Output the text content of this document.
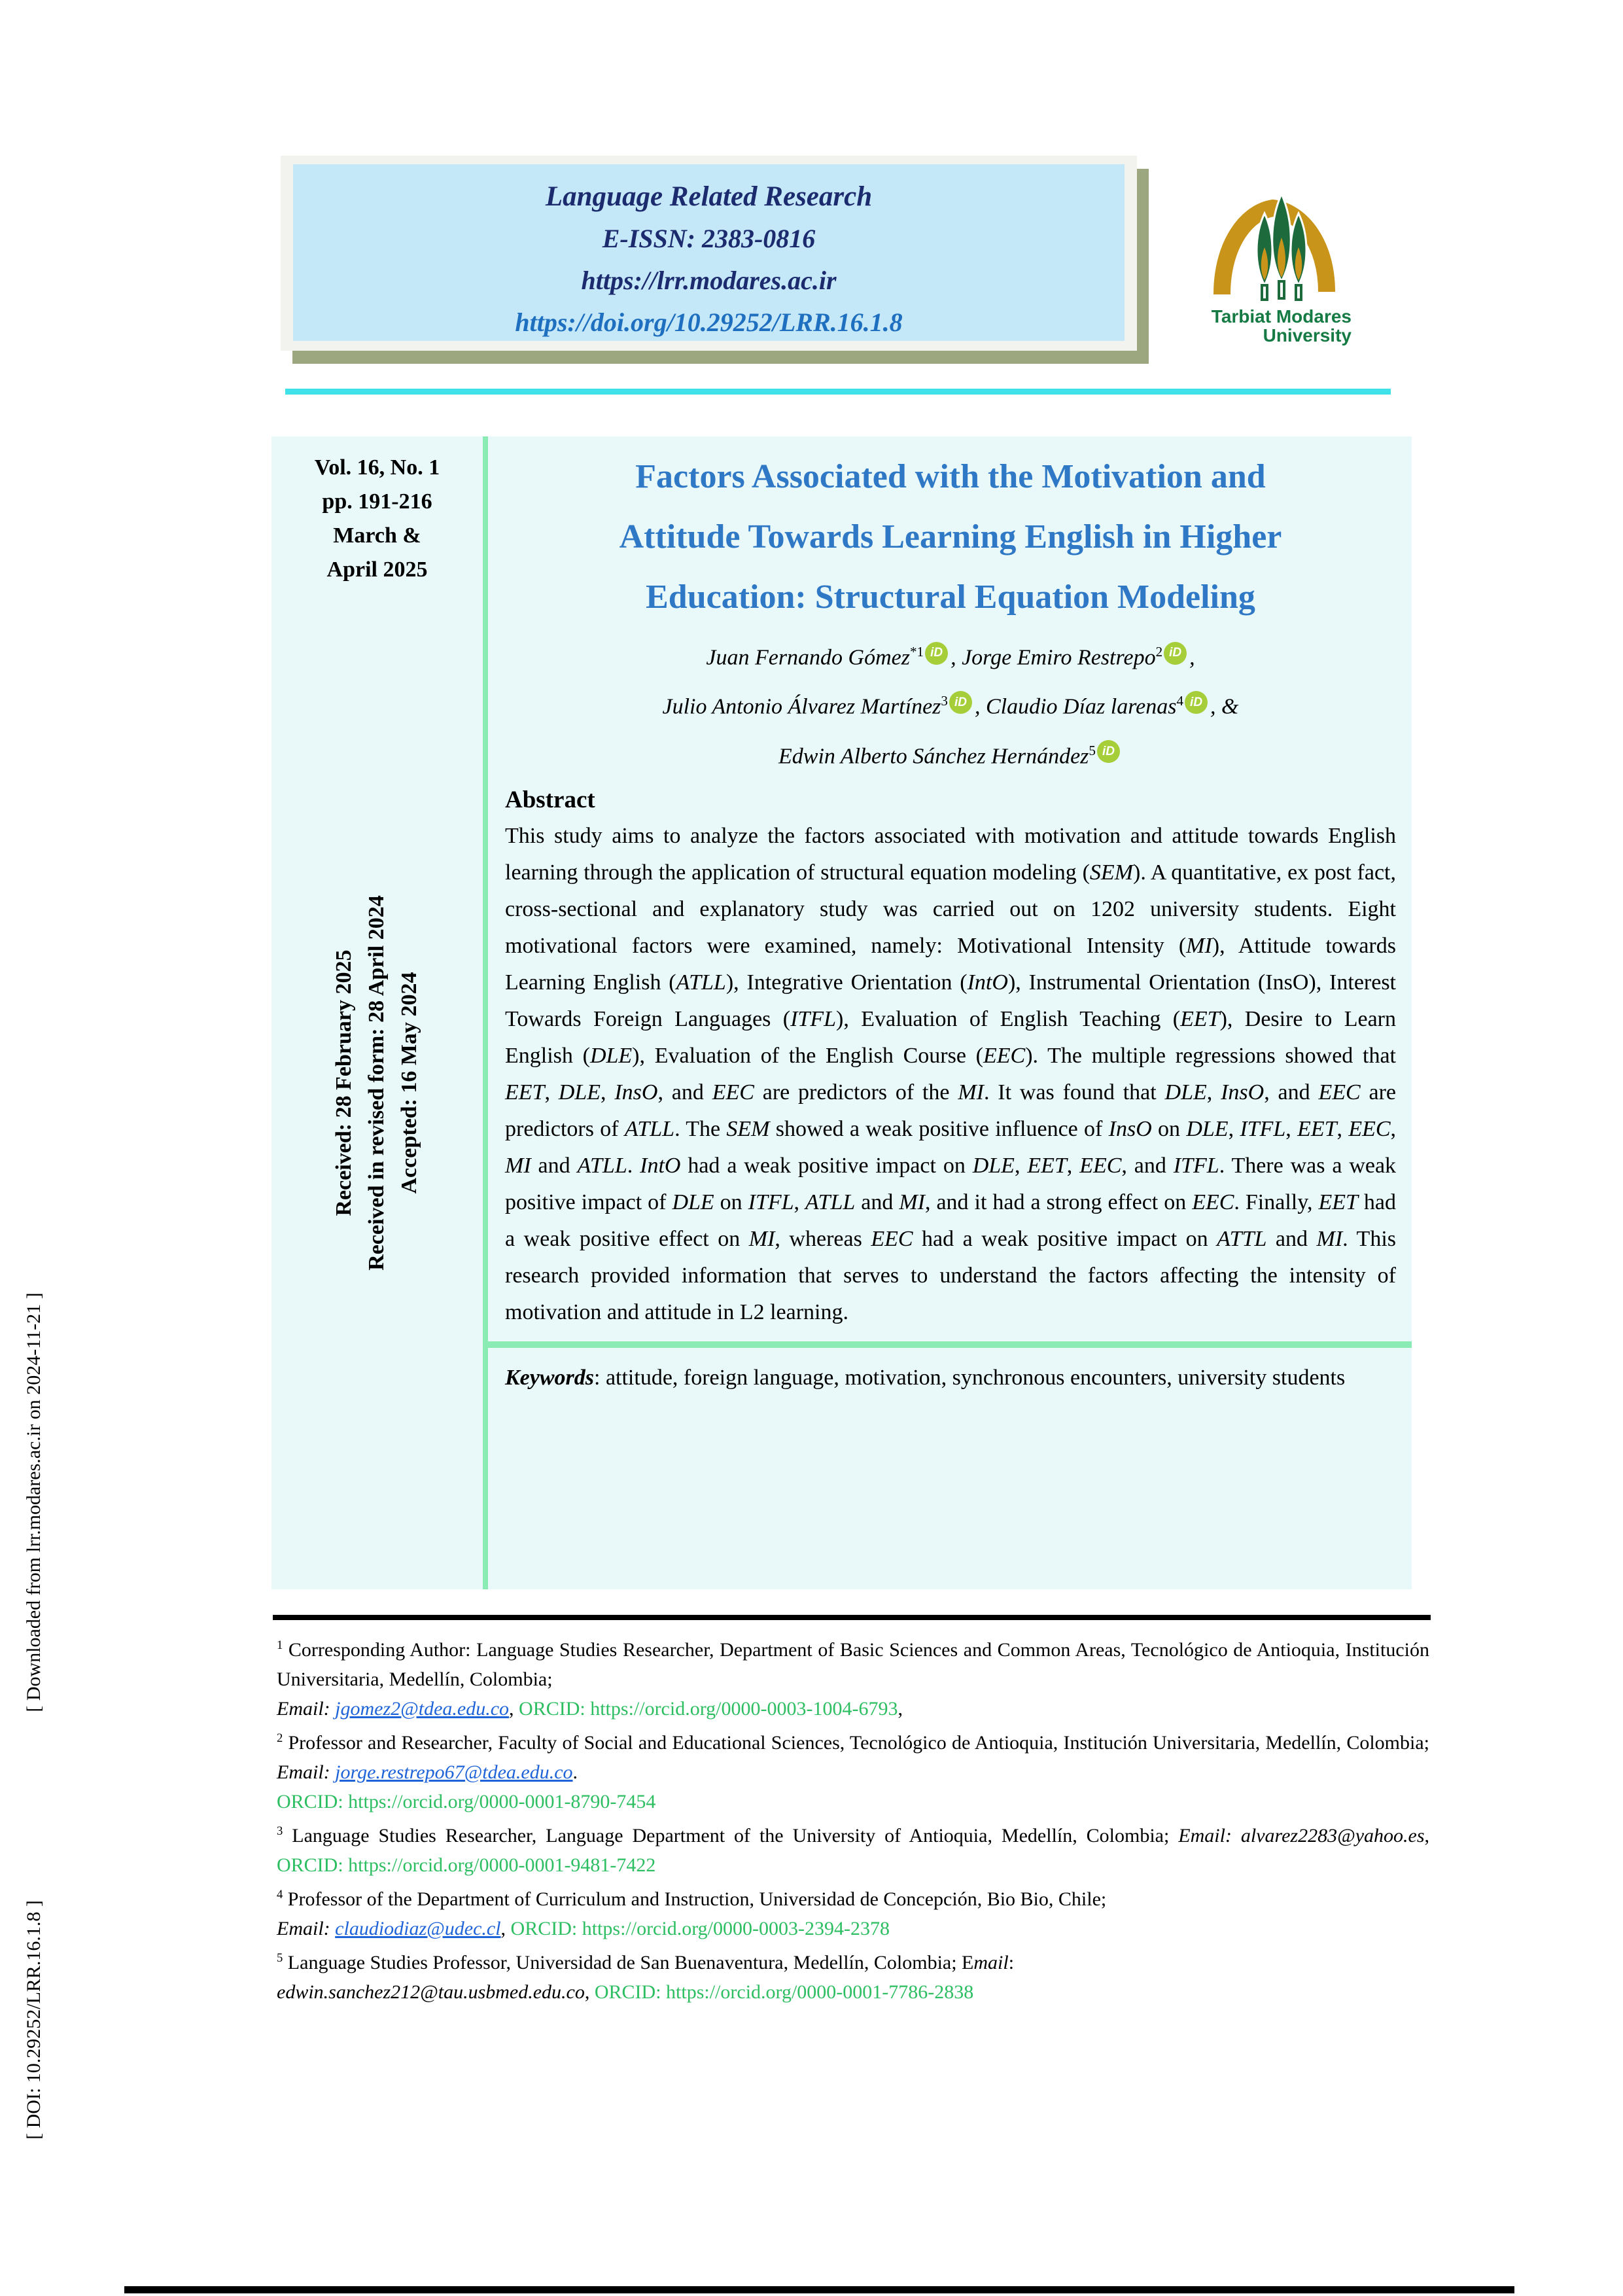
[ Downloaded from lrr.modares.ac.ir on 2024-11-21 ]
[ DOI: 10.29252/LRR.16.1.8 ]
Language Related Research
E-ISSN: 2383-0816
https://lrr.modares.ac.ir
https://doi.org/10.29252/LRR.16.1.8	Tarbiat Modares
University
Vol. 16, No. 1
pp. 191-216
March &
April 2025
Received: 28 February 2025 Received in revised form: 28 April 2024 Accepted: 16 May 2024
Factors Associated with the Motivation and
Attitude Towards Learning English in Higher
Education: Structural Equation Modeling
Juan Fernando Gómez$^{*1}$ iD , Jorge Emiro Restrepo$^2$ iD ,
Julio Antonio Álvarez Martínez$^3$ iD , Claudio Díaz larenas$^4$ iD , &
Edwin Alberto Sánchez Hernández$^5$ iD
Abstract
This study aims to analyze the factors associated with motivation and attitude towards English learning through the application of structural equation modeling (SEM). A quantitative, ex post fact, cross-sectional and explanatory study was carried out on 1202 university students. Eight motivational factors were examined, namely: Motivational Intensity (MI), Attitude towards Learning English (ATLL), Integrative Orientation (IntO), Instrumental Orientation (InsO), Interest Towards Foreign Languages (ITFL), Evaluation of English Teaching (EET), Desire to Learn English (DLE), Evaluation of the English Course (EEC). The multiple regressions showed that EET, DLE, InsO, and EEC are predictors of the MI. It was found that DLE, InsO, and EEC are predictors of ATLL. The SEM showed a weak positive influence of InsO on DLE, ITFL, EET, EEC, MI and ATLL. IntO had a weak positive impact on DLE, EET, EEC, and ITFL. There was a weak positive impact of DLE on ITFL, ATLL and MI, and it had a strong effect on EEC. Finally, EET had a weak positive effect on MI, whereas EEC had a weak positive impact on ATTL and MI. This research provided information that serves to understand the factors affecting the intensity of motivation and attitude in L2 learning.
Keywords: attitude, foreign language, motivation, synchronous encounters, university students

$^1$ Corresponding Author: Language Studies Researcher, Department of Basic Sciences and Common Areas, Tecnológico de Antioquia, Institución Universitaria, Medellín, Colombia;
Email: jgomez2@tdea.edu.co, ORCID: https://orcid.org/0000-0003-1004-6793,

$^2$ Professor and Researcher, Faculty of Social and Educational Sciences, Tecnológico de Antioquia, Institución Universitaria, Medellín, Colombia; Email: jorge.restrepo67@tdea.edu.co.
ORCID: https://orcid.org/0000-0001-8790-7454

$^3$ Language Studies Researcher, Language Department of the University of Antioquia, Medellín, Colombia; Email: alvarez2283@yahoo.es, ORCID: https://orcid.org/0000-0001-9481-7422

$^4$ Professor of the Department of Curriculum and Instruction, Universidad de Concepción, Bio Bio, Chile;
Email: claudiodiaz@udec.cl, ORCID: https://orcid.org/0000-0003-2394-2378

$^5$ Language Studies Professor, Universidad de San Buenaventura, Medellín, Colombia; Email:
edwin.sanchez212@tau.usbmed.edu.co, ORCID: https://orcid.org/0000-0001-7786-2838
